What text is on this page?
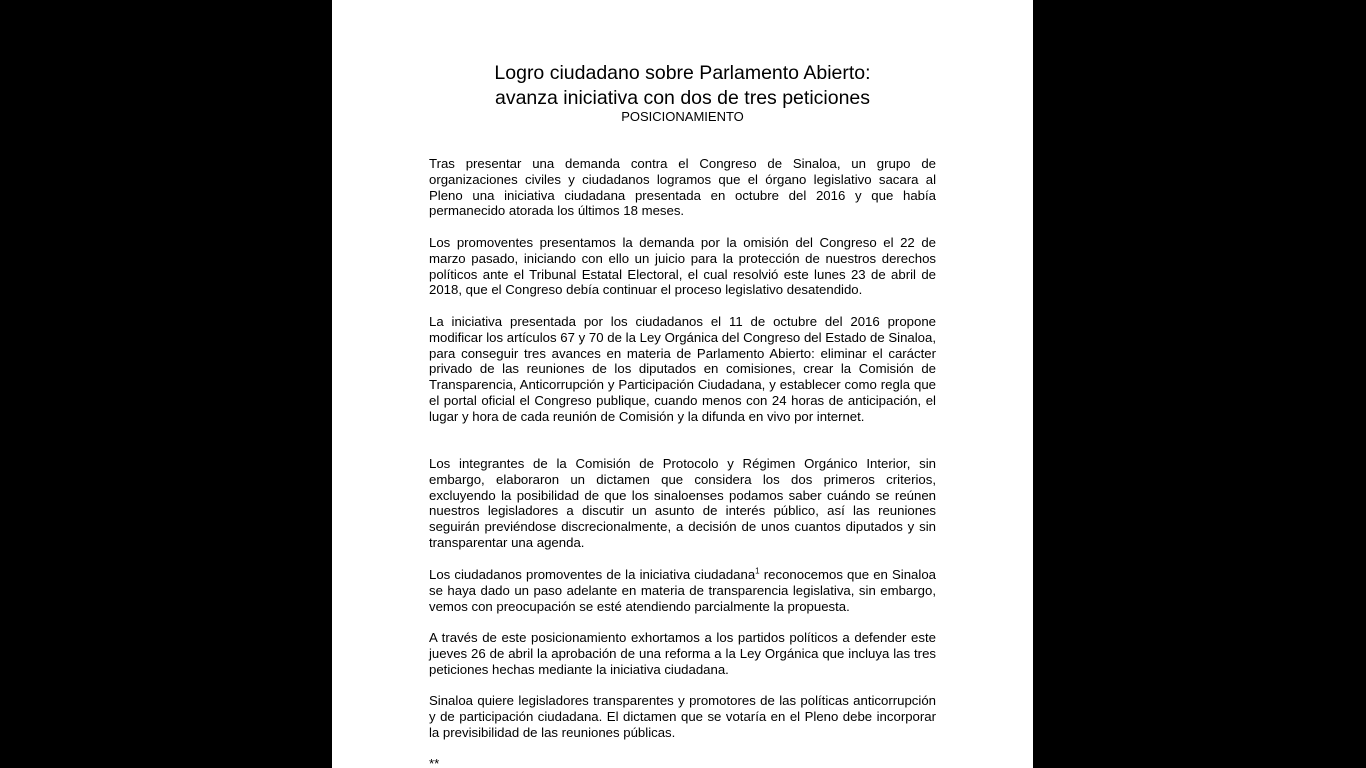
Logro ciudadano sobre Parlamento Abierto:
avanza iniciativa con dos de tres peticiones
POSICIONAMIENTO

Tras presentar una demanda contra el Congreso de Sinaloa, un grupo de organizaciones civiles y ciudadanos logramos que el órgano legislativo sacara al Pleno una iniciativa ciudadana presentada en octubre del 2016 y que había permanecido atorada los últimos 18 meses.

Los promoventes presentamos la demanda por la omisión del Congreso el 22 de marzo pasado, iniciando con ello un juicio para la protección de nuestros derechos políticos ante el Tribunal Estatal Electoral, el cual resolvió este lunes 23 de abril de 2018, que el Congreso debía continuar el proceso legislativo desatendido.

La iniciativa presentada por los ciudadanos el 11 de octubre del 2016 propone modificar los artículos 67 y 70 de la Ley Orgánica del Congreso del Estado de Sinaloa, para conseguir tres avances en materia de Parlamento Abierto: eliminar el carácter privado de las reuniones de los diputados en comisiones, crear la Comisión de Transparencia, Anticorrupción y Participación Ciudadana, y establecer como regla que el portal oficial el Congreso publique, cuando menos con 24 horas de anticipación, el lugar y hora de cada reunión de Comisión y la difunda en vivo por internet.

Los integrantes de la Comisión de Protocolo y Régimen Orgánico Interior, sin embargo, elaboraron un dictamen que considera los dos primeros criterios, excluyendo la posibilidad de que los sinaloenses podamos saber cuándo se reúnen nuestros legisladores a discutir un asunto de interés público, así las reuniones seguirán previéndose discrecionalmente, a decisión de unos cuantos diputados y sin transparentar una agenda.

Los ciudadanos promoventes de la iniciativa ciudadana$^1$ reconocemos que en Sinaloa se haya dado un paso adelante en materia de transparencia legislativa, sin embargo, vemos con preocupación se esté atendiendo parcialmente la propuesta.

A través de este posicionamiento exhortamos a los partidos políticos a defender este jueves 26 de abril la aprobación de una reforma a la Ley Orgánica que incluya las tres peticiones hechas mediante la iniciativa ciudadana.

Sinaloa quiere legisladores transparentes y promotores de las políticas anticorrupción y de participación ciudadana. El dictamen que se votaría en el Pleno debe incorporar la previsibilidad de las reuniones públicas.

**
